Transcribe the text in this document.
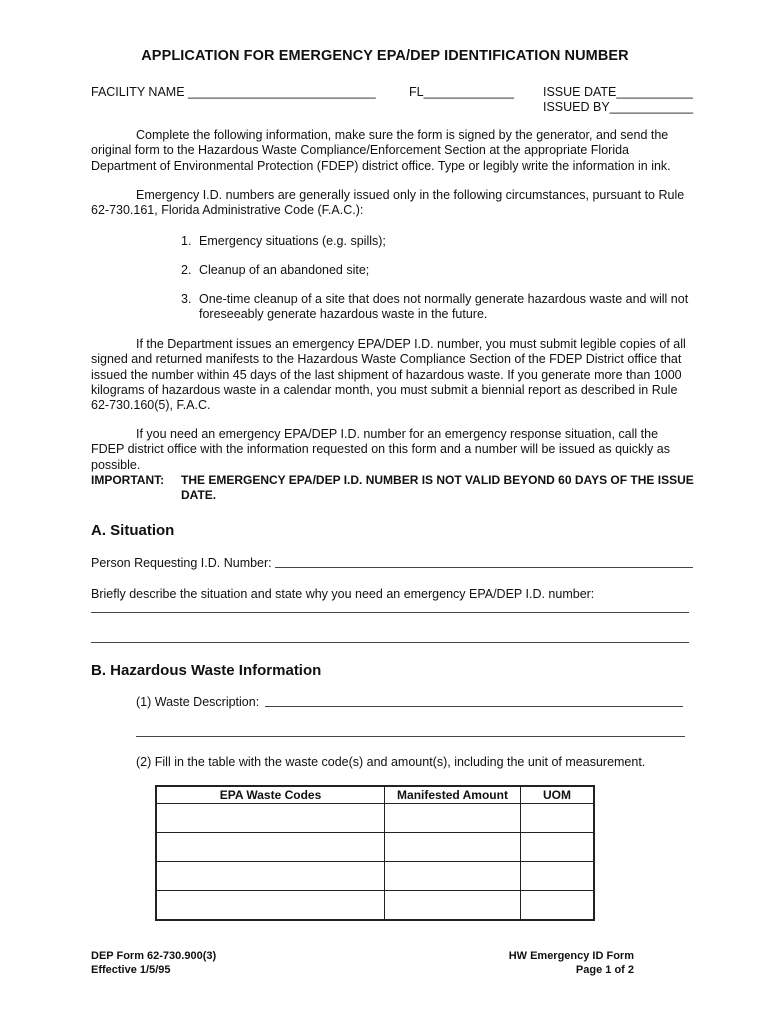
APPLICATION FOR EMERGENCY EPA/DEP IDENTIFICATION NUMBER
FACILITY NAME ___________________________	FL_____________ ISSUE DATE___________
ISSUED BY____________
Complete the following information, make sure the form is signed by the generator, and send the original form to the Hazardous Waste Compliance/Enforcement Section at the appropriate Florida Department of Environmental Protection (FDEP) district office. Type or legibly write the information in ink.
Emergency I.D. numbers are generally issued only in the following circumstances, pursuant to Rule 62-730.161, Florida Administrative Code (F.A.C.):
1. Emergency situations (e.g. spills);
2. Cleanup of an abandoned site;
3. One-time cleanup of a site that does not normally generate hazardous waste and will not foreseeably generate hazardous waste in the future.
If the Department issues an emergency EPA/DEP I.D. number, you must submit legible copies of all signed and returned manifests to the Hazardous Waste Compliance Section of the FDEP District office that issued the number within 45 days of the last shipment of hazardous waste. If you generate more than 1000 kilograms of hazardous waste in a calendar month, you must submit a biennial report as described in Rule 62-730.160(5), F.A.C.
If you need an emergency EPA/DEP I.D. number for an emergency response situation, call the FDEP district office with the information requested on this form and a number will be issued as quickly as possible.
IMPORTANT: THE EMERGENCY EPA/DEP I.D. NUMBER IS NOT VALID BEYOND 60 DAYS OF THE ISSUE DATE.
A. Situation
Person Requesting I.D. Number:
Briefly describe the situation and state why you need an emergency EPA/DEP I.D. number:
B. Hazardous Waste Information
(1) Waste Description:
(2) Fill in the table with the waste code(s) and amount(s), including the unit of measurement.
EPA Waste Codes	Manifested Amount	UOM

DEP Form 62-730.900(3)
Effective 1/5/95
HW Emergency ID Form
Page 1 of 2
